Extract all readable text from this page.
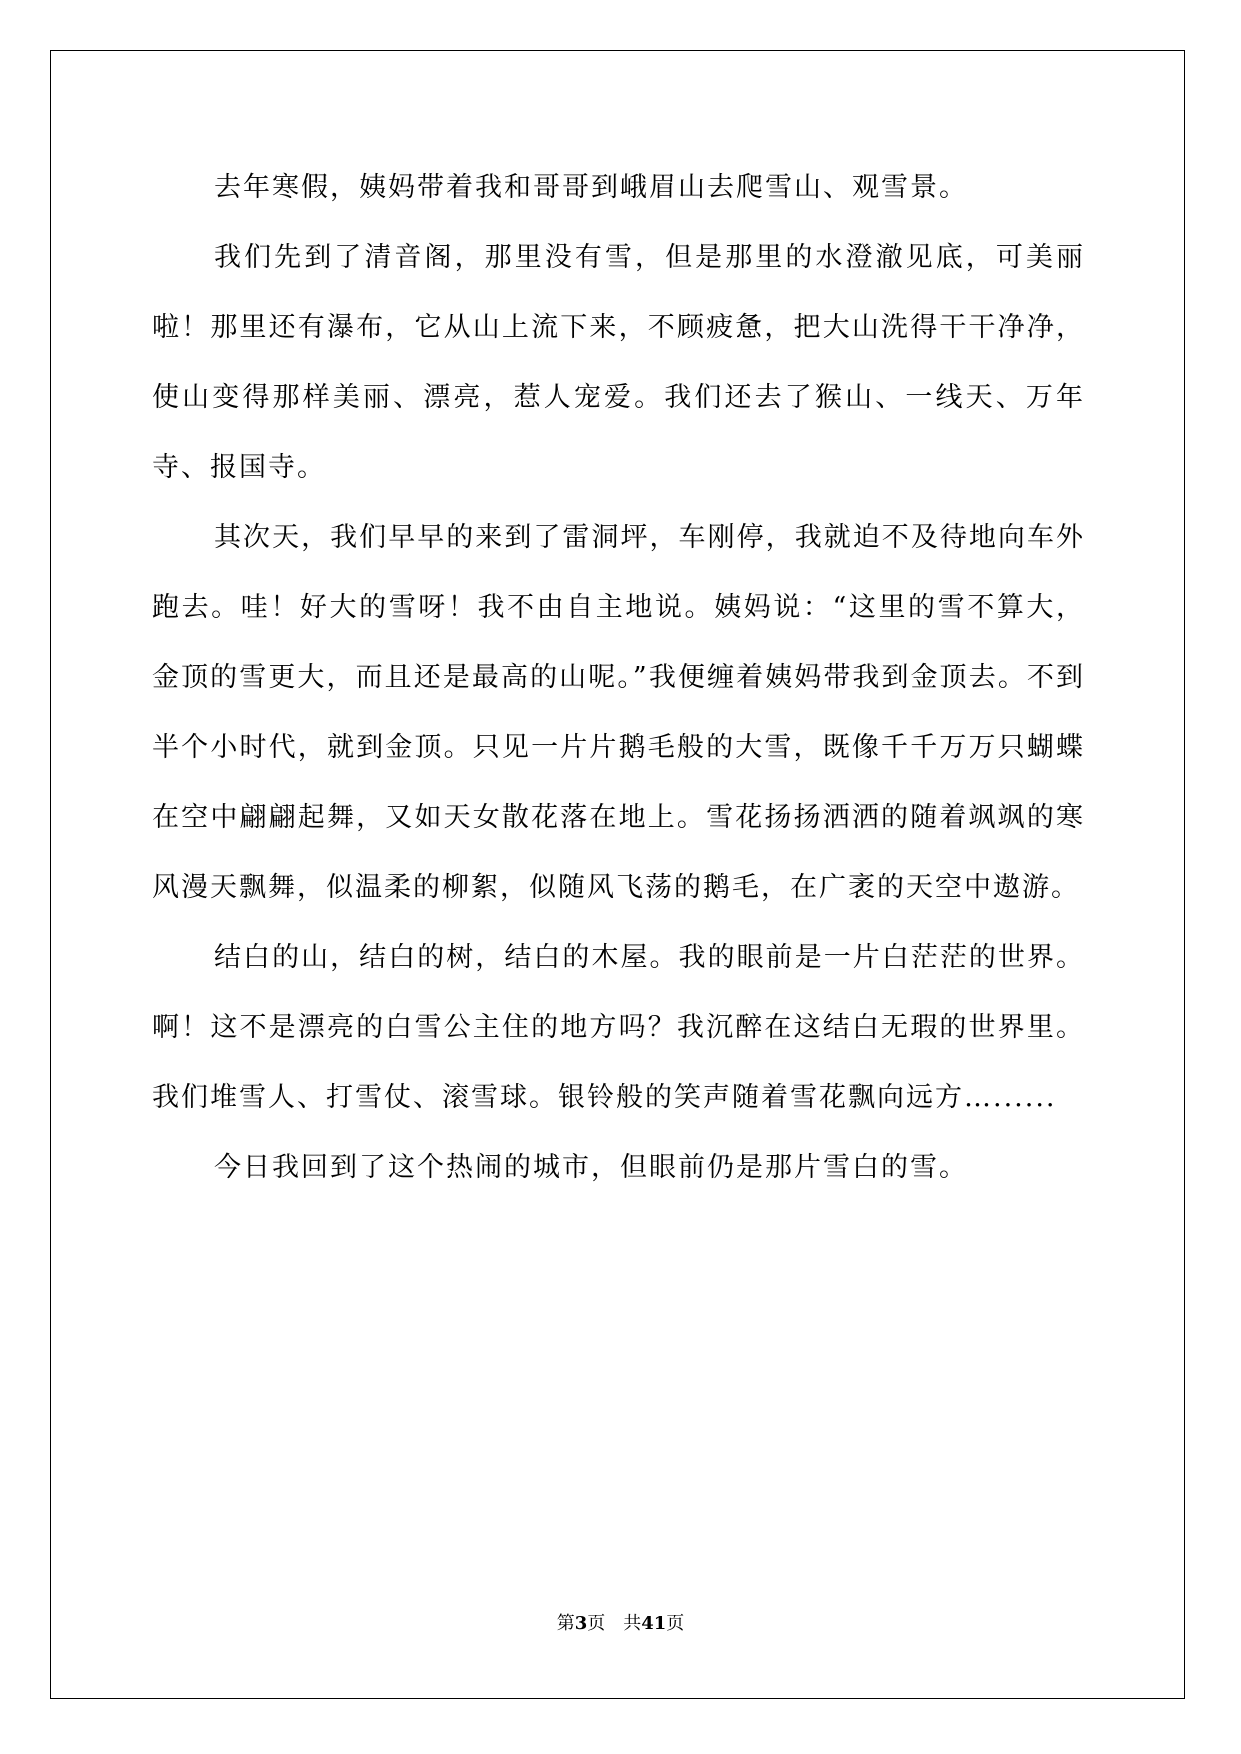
去年寒假，姨妈带着我和哥哥到峨眉山去爬雪山、观雪景。

我们先到了清音阁，那里没有雪，但是那里的水澄澈见底，可美丽啦！那里还有瀑布，它从山上流下来，不顾疲惫，把大山洗得干干净净，使山变得那样美丽、漂亮，惹人宠爱。我们还去了猴山、一线天、万年寺、报国寺。

其次天，我们早早的来到了雷洞坪，车刚停，我就迫不及待地向车外跑去。哇！好大的雪呀！我不由自主地说。姨妈说：“这里的雪不算大，金顶的雪更大，而且还是最高的山呢。”我便缠着姨妈带我到金顶去。不到半个小时代，就到金顶。只见一片片鹅毛般的大雪，既像千千万万只蝴蝶在空中翩翩起舞，又如天女散花落在地上。雪花扬扬洒洒的随着飒飒的寒风漫天飘舞，似温柔的柳絮，似随风飞荡的鹅毛，在广袤的天空中遨游。

结白的山，结白的树，结白的木屋。我的眼前是一片白茫茫的世界。啊！这不是漂亮的白雪公主住的地方吗？我沉醉在这结白无瑕的世界里。我们堆雪人、打雪仗、滚雪球。银铃般的笑声随着雪花飘向远方…......

今日我回到了这个热闹的城市，但眼前仍是那片雪白的雪。

第3页 共41页
